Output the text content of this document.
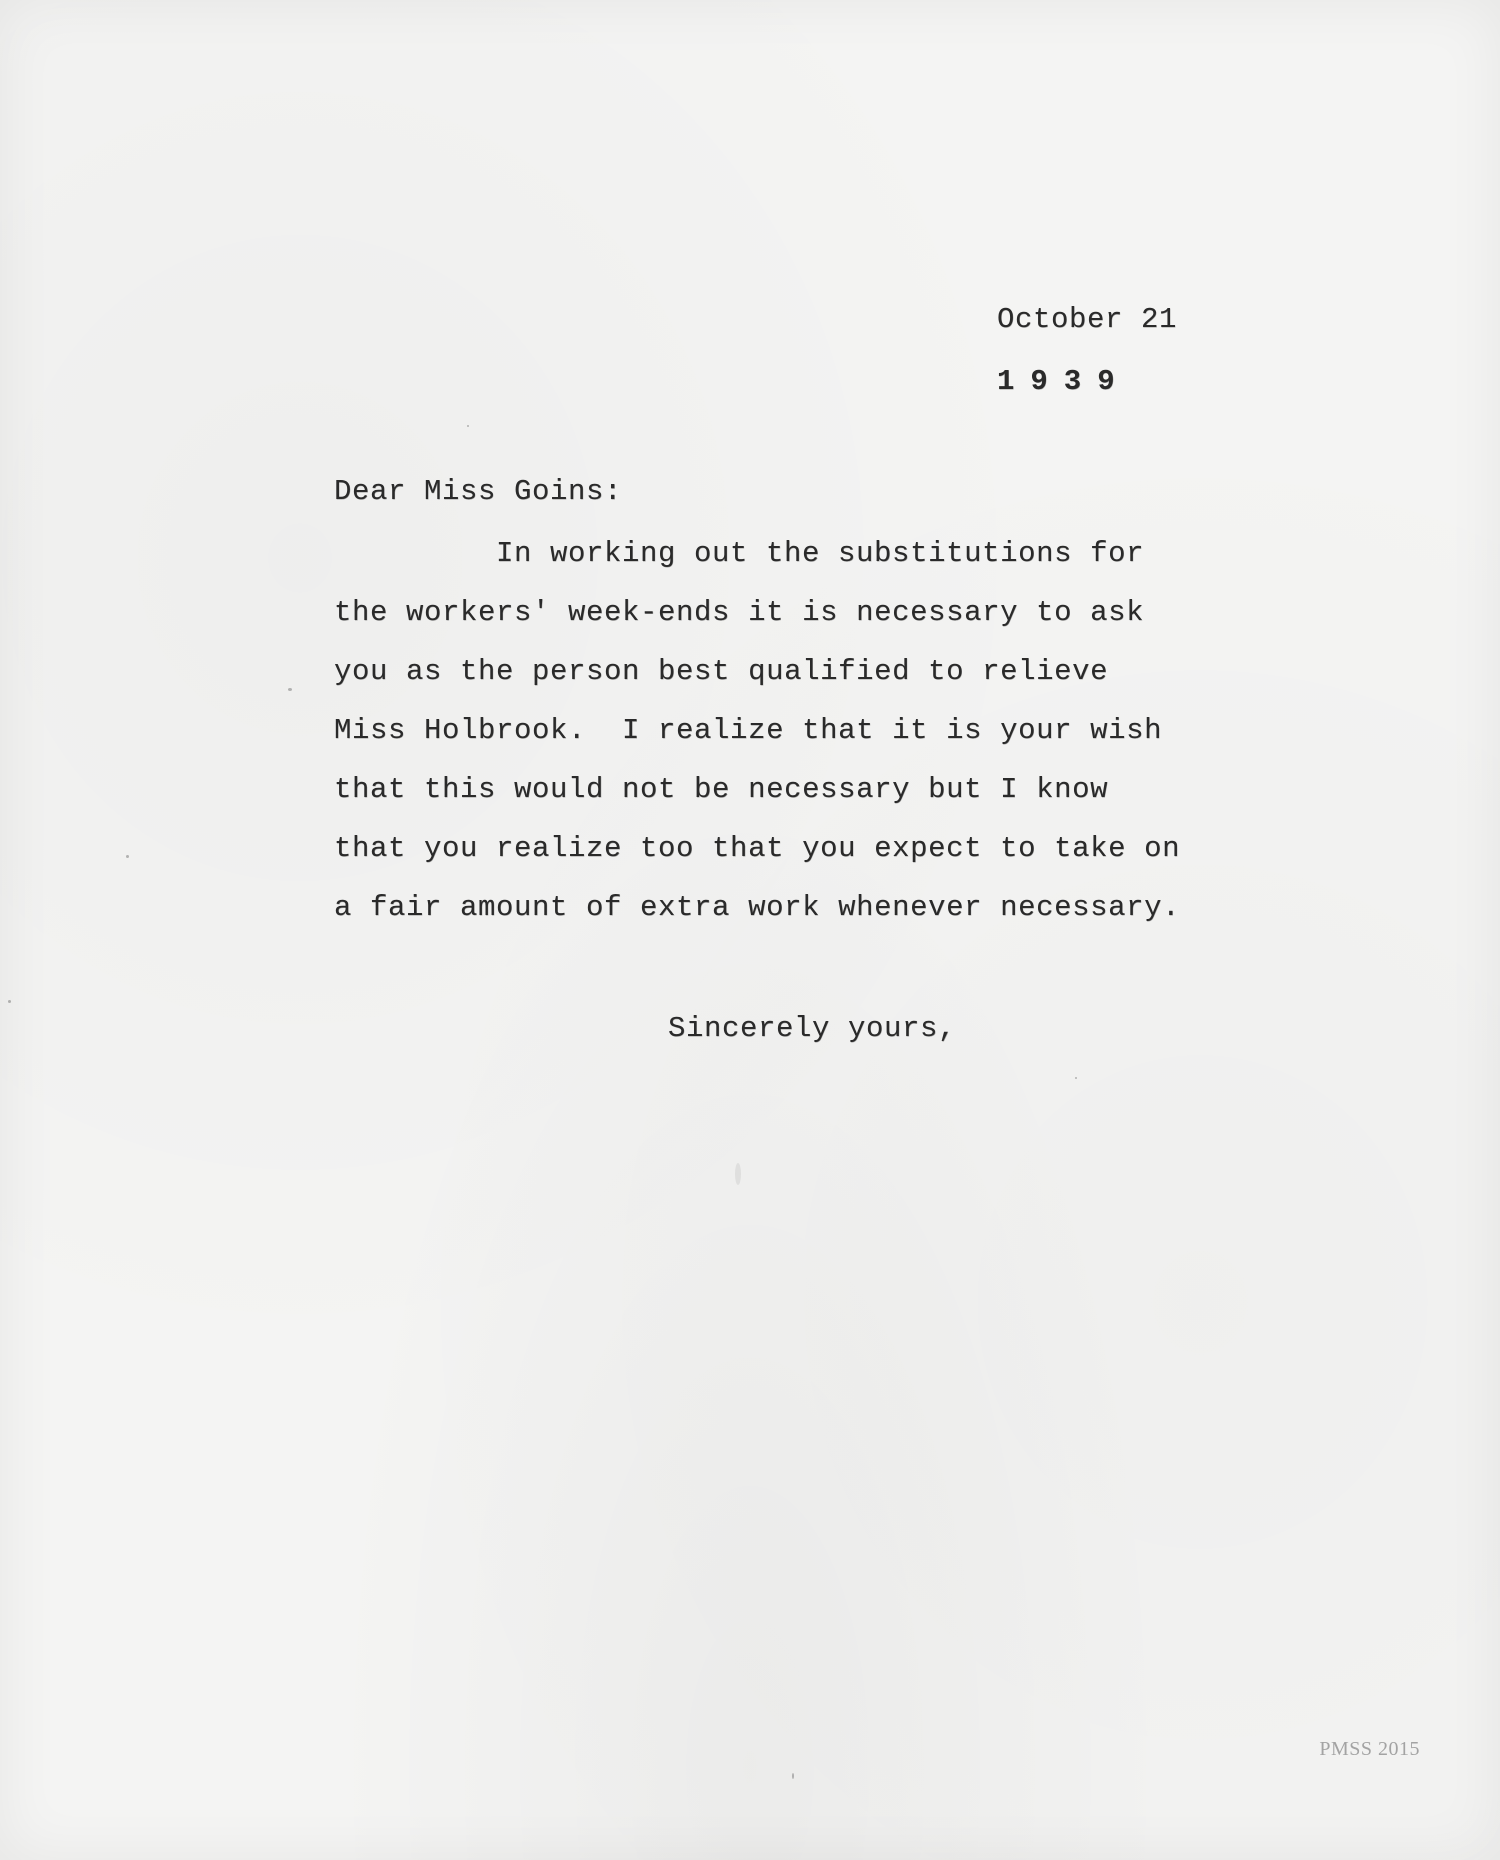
October 21
1939
Dear Miss Goins:
In working out the substitutions for
the workers' week-ends it is necessary to ask
you as the person best qualified to relieve
Miss Holbrook.  I realize that it is your wish
that this would not be necessary but I know
that you realize too that you expect to take on
a fair amount of extra work whenever necessary.
Sincerely yours,
PMSS 2015
